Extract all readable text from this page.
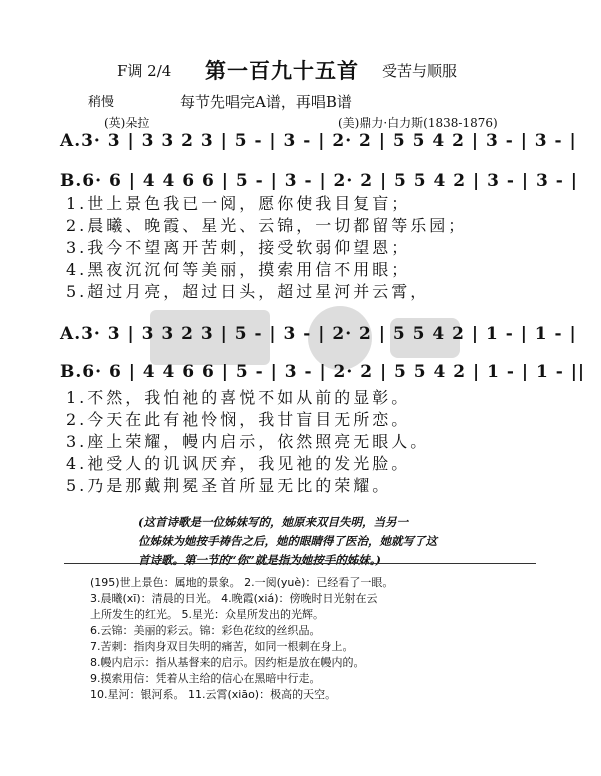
F调 2/4 第一百九十五首 受苦与顺服
稍慢	每节先唱完A谱，再唱B谱
(英)朵拉	(美)鼎力·白力斯(1838-1876)
A.3· 3 | 3 3 2 3 | 5 - | 3 - | 2· 2 | 5 5 4 2 | 3 - | 3 - |
B.6· 6 | 4 4 6 6 | 5 - | 3 - | 2· 2 | 5 5 4 2 | 3 - | 3 - |
1.世上景色我已一阅，愿你使我目复盲；
2.晨曦、晚霞、星光、云锦，一切都留等乐园；
3.我今不望离开苦刺，接受软弱仰望恩；
4.黑夜沉沉何等美丽，摸索用信不用眼；
5.超过月亮，超过日头，超过星河并云霄，
A.3· 3 | 3 3 2 3 | 5 - | 3 - | 2· 2 | 5 5 4 2 | 1 - | 1 - |
B.6· 6 | 4 4 6 6 | 5 - | 3 - | 2· 2 | 5 5 4 2 | 1 - | 1 - ||
1.不然，我怕祂的喜悦不如从前的显彰。
2.今天在此有祂怜悯，我甘盲目无所恋。
3.座上荣耀，幔内启示，依然照亮无眼人。
4.祂受人的讥讽厌弃，我见祂的发光脸。
5.乃是那戴荆冕圣首所显无比的荣耀。
(这首诗歌是一位姊妹写的，她原来双目失明，当另一
位姊妹为她按手祷告之后，她的眼睛得了医治，她就写了这
首诗歌。第一节的“你”就是指为她按手的姊妹。)
(195)世上景色：属地的景象。 2.一阅(yuè)：已经看了一眼。
3.晨曦(xī)：清晨的日光。 4.晚霞(xiá)：傍晚时日光射在云
上所发生的红光。 5.星光：众星所发出的光辉。
6.云锦：美丽的彩云。锦：彩色花纹的丝织品。
7.苦刺：指肉身双目失明的痛苦，如同一根刺在身上。
8.幔内启示：指从基督来的启示。因约柜是放在幔内的。
9.摸索用信：凭着从主给的信心在黑暗中行走。
10.星河：银河系。 11.云霄(xiāo)：极高的天空。
